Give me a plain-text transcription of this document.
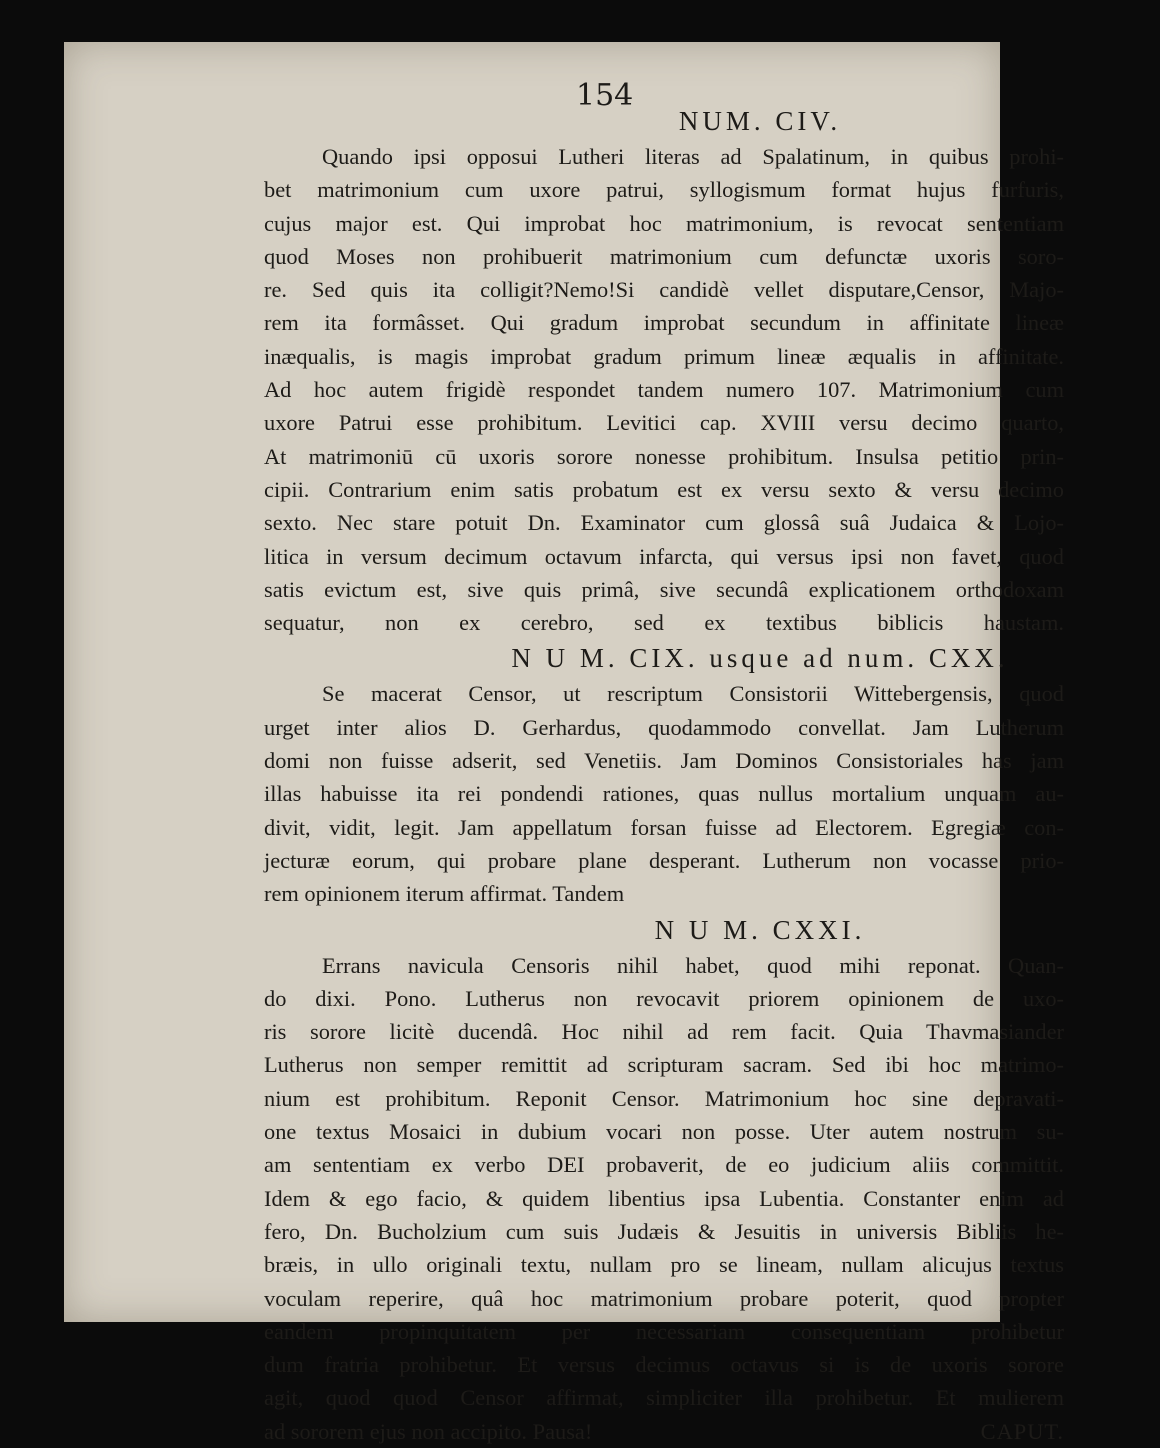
154
NUM. CIV.
Quando ipsi opposui Lutheri literas ad Spalatinum, in quibus prohi-
bet matrimonium cum uxore patrui, syllogismum format hujus furfuris,
cujus major est. Qui improbat hoc matrimonium, is revocat sententiam
quod Moses non prohibuerit matrimonium cum defunctæ uxoris soro-
re. Sed quis ita colligit?Nemo!Si candidè vellet disputare,Censor, Majo-
rem ita formâsset. Qui gradum improbat secundum in affinitate lineæ
inæqualis, is magis improbat gradum primum lineæ æqualis in affinitate.
Ad hoc autem frigidè respondet tandem numero 107. Matrimonium cum
uxore Patrui esse prohibitum. Levitici cap. XVIII versu decimo quarto,
At matrimoniū cū uxoris sorore nonesse prohibitum. Insulsa petitio prin-
cipii. Contrarium enim satis probatum est ex versu sexto & versu decimo
sexto. Nec stare potuit Dn. Examinator cum glossâ suâ Judaica & Lojo-
litica in versum decimum octavum infarcta, qui versus ipsi non favet, quod
satis evictum est, sive quis primâ, sive secundâ explicationem orthodoxam
sequatur, non ex cerebro, sed ex textibus biblicis haustam.
N U M. CIX. usque ad num. CXX.
Se macerat Censor, ut rescriptum Consistorii Wittebergensis, quod
urget inter alios D. Gerhardus, quodammodo convellat. Jam Lutherum
domi non fuisse adserit, sed Venetiis. Jam Dominos Consistoriales has jam
illas habuisse ita rei pondendi rationes, quas nullus mortalium unquam au-
divit, vidit, legit. Jam appellatum forsan fuisse ad Electorem. Egregiæ con-
jecturæ eorum, qui probare plane desperant. Lutherum non vocasse prio-
rem opinionem iterum affirmat. Tandem
N U M. CXXI.
Errans navicula Censoris nihil habet, quod mihi reponat. Quan-
do dixi. Pono. Lutherus non revocavit priorem opinionem de uxo-
ris sorore licitè ducendâ. Hoc nihil ad rem facit. Quia Thavmasiander
Lutherus non semper remittit ad scripturam sacram. Sed ibi hoc matrimo-
nium est prohibitum. Reponit Censor. Matrimonium hoc sine depravati-
one textus Mosaici in dubium vocari non posse. Uter autem nostrum su-
am sententiam ex verbo DEI probaverit, de eo judicium aliis committit.
Idem & ego facio, & quidem libentius ipsa Lubentia. Constanter enim ad
fero, Dn. Bucholzium cum suis Judæis & Jesuitis in universis Bibliis he-
bræis, in ullo originali textu, nullam pro se lineam, nullam alicujus textus
voculam reperire, quâ hoc matrimonium probare poterit, quod propter
eandem propinquitatem per necessariam consequentiam prohibetur
dum fratria prohibetur. Et versus decimus octavus si is de uxoris sorore
agit, quod quod Censor affirmat, simpliciter illa prohibetur. Et mulierem
ad sororem ejus non accipito. Pausa!	CAPUT.
